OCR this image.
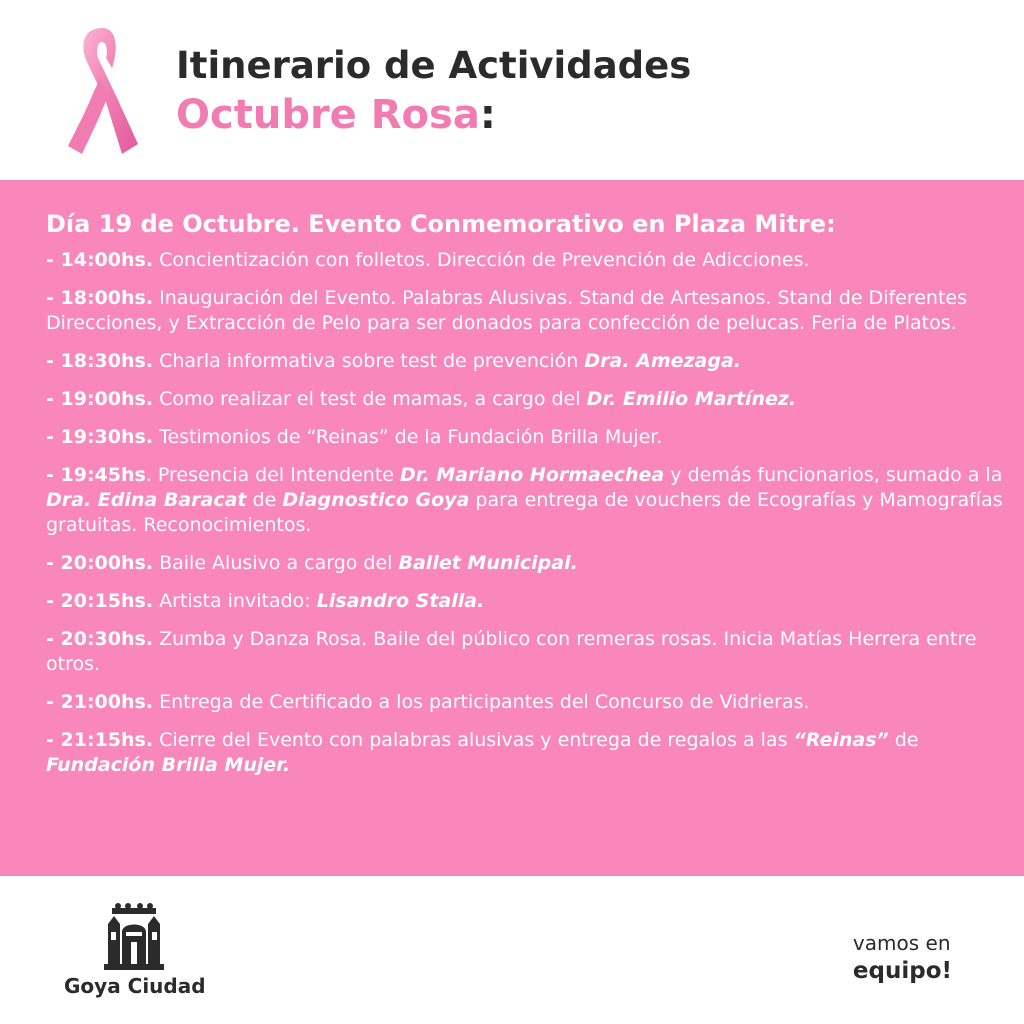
Itinerario de Actividades
Octubre Rosa:
Día 19 de Octubre. Evento Conmemorativo en Plaza Mitre:
- 14:00hs. Concientización con folletos. Dirección de Prevención de Adicciones.
- 18:00hs. Inauguración del Evento. Palabras Alusivas. Stand de Artesanos. Stand de Diferentes Direcciones, y Extracción de Pelo para ser donados para confección de pelucas. Feria de Platos.
- 18:30hs. Charla informativa sobre test de prevención Dra. Amezaga.
- 19:00hs. Como realizar el test de mamas, a cargo del Dr. Emilio Martínez.
- 19:30hs. Testimonios de “Reinas” de la Fundación Brilla Mujer.
- 19:45hs. Presencia del Intendente Dr. Mariano Hormaechea y demás funcionarios, sumado a la Dra. Edina Baracat de Diagnostico Goya para entrega de vouchers de Ecografías y Mamografías gratuitas. Reconocimientos.
- 20:00hs. Baile Alusivo a cargo del Ballet Municipal.
- 20:15hs. Artista invitado: Lisandro Stalla.
- 20:30hs. Zumba y Danza Rosa. Baile del público con remeras rosas. Inicia Matías Herrera entre otros.
- 21:00hs. Entrega de Certificado a los participantes del Concurso de Vidrieras.
- 21:15hs. Cierre del Evento con palabras alusivas y entrega de regalos a las “Reinas” de Fundación Brilla Mujer.
Goya Ciudad
vamos en
equipo!
